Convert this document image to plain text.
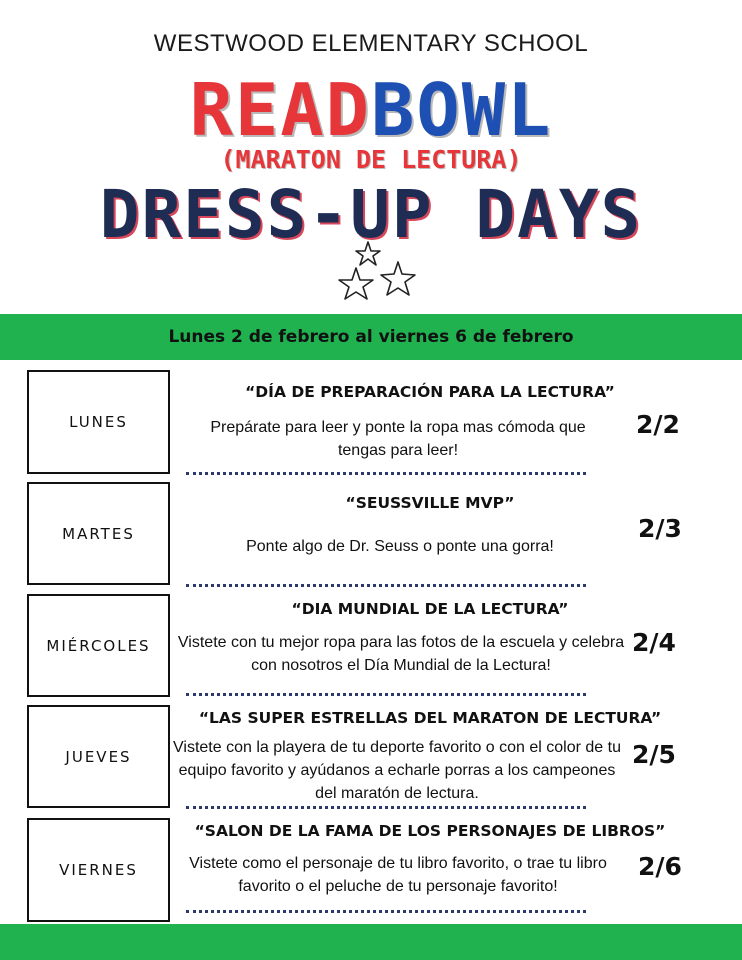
WESTWOOD ELEMENTARY SCHOOL
READBOWL
(MARATON DE LECTURA)
DRESS-UP DAYS
Lunes 2 de febrero al viernes 6 de febrero
LUNES
“DÍA DE PREPARACIÓN PARA LA LECTURA”
Prepárate para leer y ponte la ropa mas cómoda que tengas para leer!
2/2
MARTES
“SEUSSVILLE MVP”
Ponte algo de Dr. Seuss o ponte una gorra!
2/3
MIÉRCOLES
“DIA MUNDIAL DE LA LECTURA”
Vistete con tu mejor ropa para las fotos de la escuela y celebra con nosotros el Día Mundial de la Lectura!
2/4
JUEVES
“LAS SUPER ESTRELLAS DEL MARATON DE LECTURA”
Vistete con la playera de tu deporte favorito o con el color de tu equipo favorito y ayúdanos a echarle porras a los campeones del maratón de lectura.
2/5
VIERNES
“SALON DE LA FAMA DE LOS PERSONAJES DE LIBROS”
Vistete como el personaje de tu libro favorito, o trae tu libro favorito o el peluche de tu personaje favorito!
2/6
